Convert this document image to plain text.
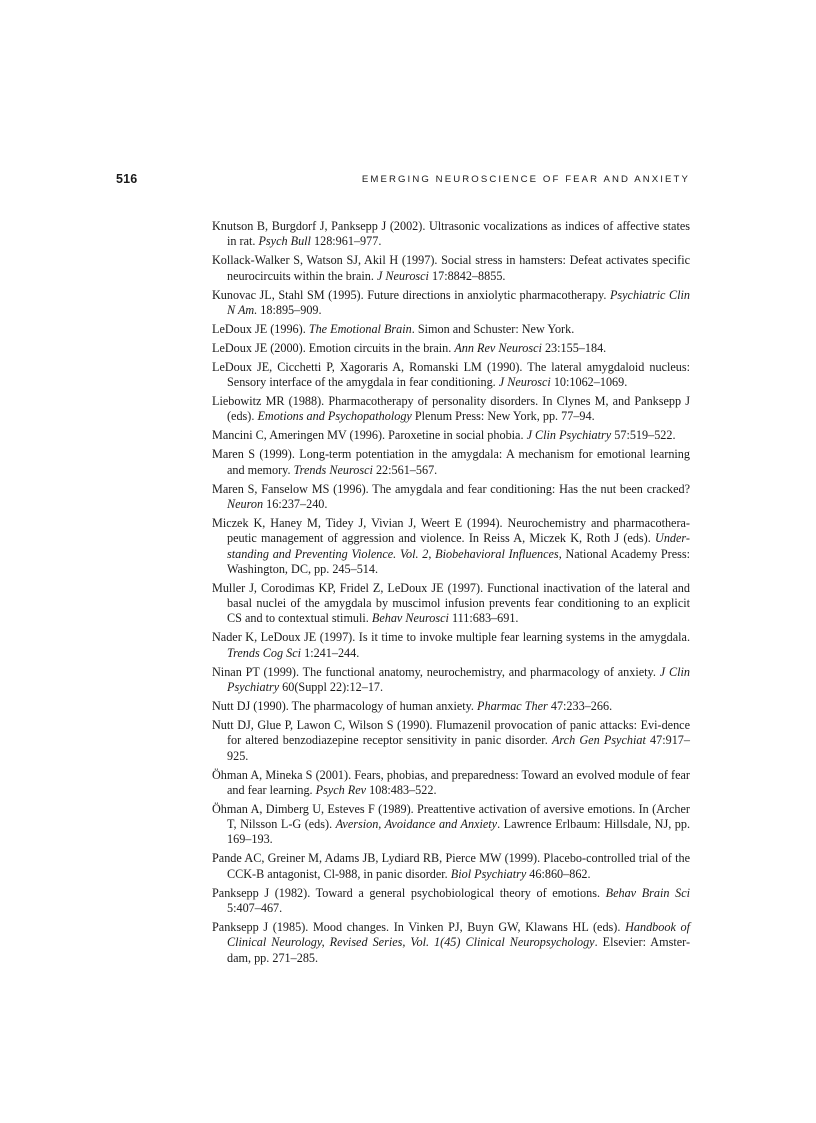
516	EMERGING NEUROSCIENCE OF FEAR AND ANXIETY
Knutson B, Burgdorf J, Panksepp J (2002). Ultrasonic vocalizations as indices of affective states in rat. Psych Bull 128:961–977.
Kollack-Walker S, Watson SJ, Akil H (1997). Social stress in hamsters: Defeat activates specific neurocircuits within the brain. J Neurosci 17:8842–8855.
Kunovac JL, Stahl SM (1995). Future directions in anxiolytic pharmacotherapy. Psychiatric Clin N Am. 18:895–909.
LeDoux JE (1996). The Emotional Brain. Simon and Schuster: New York.
LeDoux JE (2000). Emotion circuits in the brain. Ann Rev Neurosci 23:155–184.
LeDoux JE, Cicchetti P, Xagoraris A, Romanski LM (1990). The lateral amygdaloid nucleus: Sensory interface of the amygdala in fear conditioning. J Neurosci 10:1062–1069.
Liebowitz MR (1988). Pharmacotherapy of personality disorders. In Clynes M, and Panksepp J (eds). Emotions and Psychopathology Plenum Press: New York, pp. 77–94.
Mancini C, Ameringen MV (1996). Paroxetine in social phobia. J Clin Psychiatry 57:519–522.
Maren S (1999). Long-term potentiation in the amygdala: A mechanism for emotional learning and memory. Trends Neurosci 22:561–567.
Maren S, Fanselow MS (1996). The amygdala and fear conditioning: Has the nut been cracked? Neuron 16:237–240.
Miczek K, Haney M, Tidey J, Vivian J, Weert E (1994). Neurochemistry and pharmacothera-peutic management of aggression and violence. In Reiss A, Miczek K, Roth J (eds). Under-standing and Preventing Violence. Vol. 2, Biobehavioral Influences, National Academy Press: Washington, DC, pp. 245–514.
Muller J, Corodimas KP, Fridel Z, LeDoux JE (1997). Functional inactivation of the lateral and basal nuclei of the amygdala by muscimol infusion prevents fear conditioning to an explicit CS and to contextual stimuli. Behav Neurosci 111:683–691.
Nader K, LeDoux JE (1997). Is it time to invoke multiple fear learning systems in the amygdala. Trends Cog Sci 1:241–244.
Ninan PT (1999). The functional anatomy, neurochemistry, and pharmacology of anxiety. J Clin Psychiatry 60(Suppl 22):12–17.
Nutt DJ (1990). The pharmacology of human anxiety. Pharmac Ther 47:233–266.
Nutt DJ, Glue P, Lawon C, Wilson S (1990). Flumazenil provocation of panic attacks: Evi-dence for altered benzodiazepine receptor sensitivity in panic disorder. Arch Gen Psychiat 47:917–925.
Öhman A, Mineka S (2001). Fears, phobias, and preparedness: Toward an evolved module of fear and fear learning. Psych Rev 108:483–522.
Öhman A, Dimberg U, Esteves F (1989). Preattentive activation of aversive emotions. In (Archer T, Nilsson L-G (eds). Aversion, Avoidance and Anxiety. Lawrence Erlbaum: Hillsdale, NJ, pp. 169–193.
Pande AC, Greiner M, Adams JB, Lydiard RB, Pierce MW (1999). Placebo-controlled trial of the CCK-B antagonist, Cl-988, in panic disorder. Biol Psychiatry 46:860–862.
Panksepp J (1982). Toward a general psychobiological theory of emotions. Behav Brain Sci 5:407–467.
Panksepp J (1985). Mood changes. In Vinken PJ, Buyn GW, Klawans HL (eds). Handbook of Clinical Neurology, Revised Series, Vol. 1(45) Clinical Neuropsychology. Elsevier: Amster-dam, pp. 271–285.
